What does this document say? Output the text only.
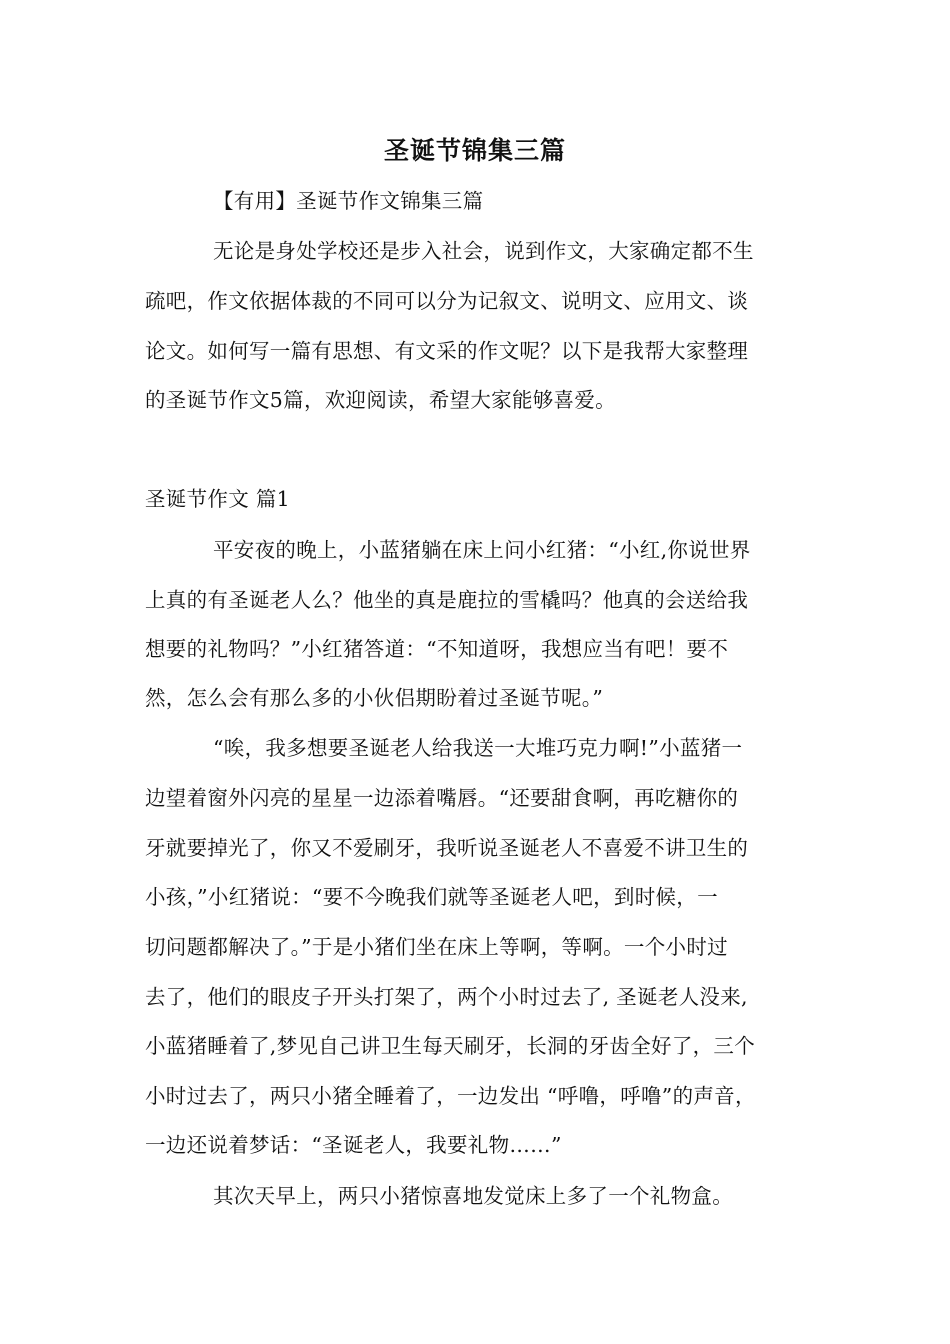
圣诞节锦集三篇
【有用】圣诞节作文锦集三篇
无论是身处学校还是步入社会，说到作文，大家确定都不生
疏吧，作文依据体裁的不同可以分为记叙文、说明文、应用文、谈
论文。如何写一篇有思想、有文采的作文呢？以下是我帮大家整理
的圣诞节作文5篇，欢迎阅读，希望大家能够喜爱。
圣诞节作文 篇1
平安夜的晚上，小蓝猪躺在床上问小红猪：“小红,你说世界
上真的有圣诞老人么？他坐的真是鹿拉的雪橇吗？他真的会送给我
想要的礼物吗？”小红猪答道：“不知道呀，我想应当有吧！要不
然，怎么会有那么多的小伙侣期盼着过圣诞节呢。”
“唉，我多想要圣诞老人给我送一大堆巧克力啊!”小蓝猪一
边望着窗外闪亮的星星一边添着嘴唇。“还要甜食啊，再吃糖你的
牙就要掉光了，你又不爱刷牙，我听说圣诞老人不喜爱不讲卫生的
小孩，”小红猪说：“要不今晚我们就等圣诞老人吧，到时候，一
切问题都解决了。”于是小猪们坐在床上等啊，等啊。一个小时过
去了，他们的眼皮子开头打架了，两个小时过去了, 圣诞老人没来,
小蓝猪睡着了,梦见自己讲卫生每天刷牙，长洞的牙齿全好了，三个
小时过去了，两只小猪全睡着了，一边发出 “呼噜，呼噜”的声音，
一边还说着梦话：“圣诞老人，我要礼物……”
其次天早上，两只小猪惊喜地发觉床上多了一个礼物盒。
